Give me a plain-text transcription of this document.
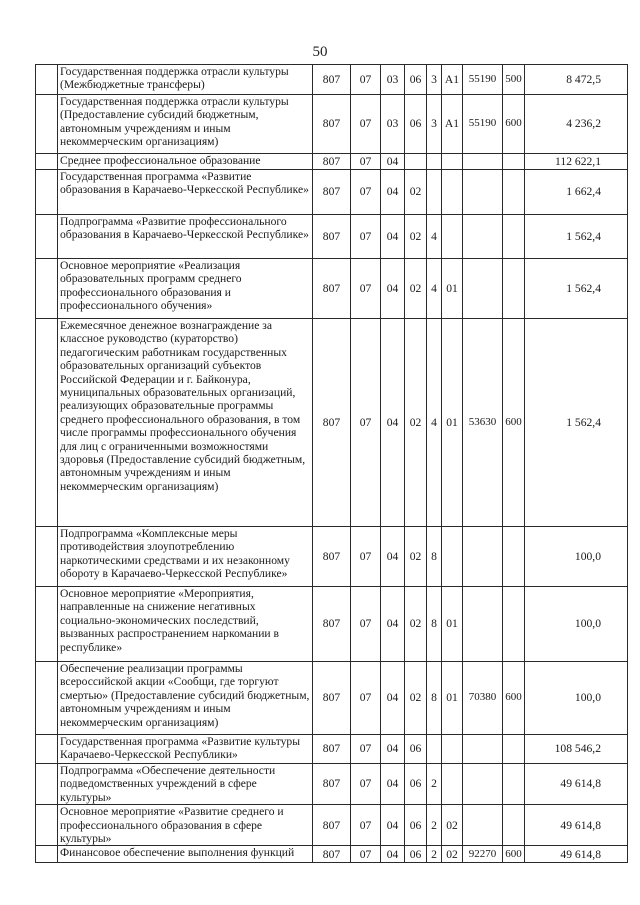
50
	Государственная поддержка отрасли культуры (Межбюджетные трансферы)	807	07	03	06	3	A1	55190	500	8 472,5
	Государственная поддержка отрасли культуры (Предоставление субсидий бюджетным, автономным учреждениям и иным некоммерческим организациям)	807	07	03	06	3	A1	55190	600	4 236,2
	Среднее профессиональное образование	807	07	04						112 622,1
	Государственная программа «Развитие образования в Карачаево-Черкесской Республике»	807	07	04	02					1 662,4
	Подпрограмма «Развитие профессионального образования в Карачаево-Черкесской Республике»	807	07	04	02	4				1 562,4
	Основное мероприятие «Реализация образовательных программ среднего профессионального образования и профессионального обучения»	807	07	04	02	4	01			1 562,4
	Ежемесячное денежное вознаграждение за классное руководство (кураторство) педагогическим работникам государственных образовательных организаций субъектов Российской Федерации и г. Байконура, муниципальных образовательных организаций, реализующих образовательные программы среднего профессионального образования, в том числе программы профессионального обучения для лиц с ограниченными возможностями здоровья (Предоставление субсидий бюджетным, автономным учреждениям и иным некоммерческим организациям)	807	07	04	02	4	01	53630	600	1 562,4
	Подпрограмма «Комплексные меры противодействия злоупотреблению наркотическими средствами и их незаконному обороту в Карачаево-Черкесской Республике»	807	07	04	02	8				100,0
	Основное мероприятие «Мероприятия, направленные на снижение негативных социально-экономических последствий, вызванных распространением наркомании в республике»	807	07	04	02	8	01			100,0
	Обеспечение реализации программы всероссийской акции «Сообщи, где торгуют смертью» (Предоставление субсидий бюджетным, автономным учреждениям и иным некоммерческим организациям)	807	07	04	02	8	01	70380	600	100,0
	Государственная программа «Развитие культуры Карачаево-Черкесской Республики»	807	07	04	06					108 546,2
	Подпрограмма «Обеспечение деятельности подведомственных учреждений в сфере культуры»	807	07	04	06	2				49 614,8
	Основное мероприятие «Развитие среднего и профессионального образования в сфере культуры»	807	07	04	06	2	02			49 614,8
	Финансовое обеспечение выполнения функций	807	07	04	06	2	02	92270	600	49 614,8
